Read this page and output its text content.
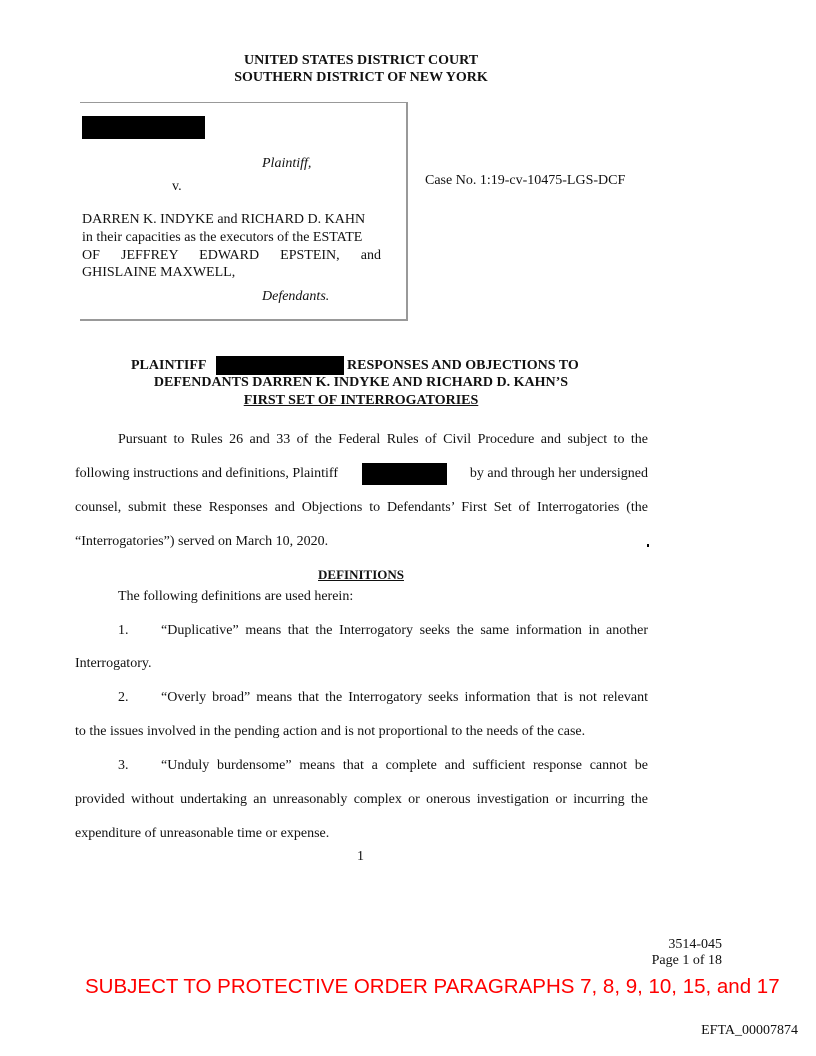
UNITED STATES DISTRICT COURT
SOUTHERN DISTRICT OF NEW YORK
Plaintiff,
v.
DARREN K. INDYKE and RICHARD D. KAHN
in their capacities as the executors of the ESTATE
OF JEFFREY EDWARD EPSTEIN, and
GHISLAINE MAXWELL,
Defendants.
Case No. 1:19-cv-10475-LGS-DCF
PLAINTIFF	RESPONSES AND OBJECTIONS TO
DEFENDANTS DARREN K. INDYKE AND RICHARD D. KAHN’S
FIRST SET OF INTERROGATORIES
Pursuant to Rules 26 and 33 of the Federal Rules of Civil Procedure and subject to the
following instructions and definitions, Plaintiff	by and through her undersigned
counsel, submit these Responses and Objections to Defendants’ First Set of Interrogatories (the
“Interrogatories”) served on March 10, 2020.
DEFINITIONS
The following definitions are used herein:
1. “Duplicative” means that the Interrogatory seeks the same information in another
Interrogatory.
2. “Overly broad” means that the Interrogatory seeks information that is not relevant
to the issues involved in the pending action and is not proportional to the needs of the case.
3. “Unduly burdensome” means that a complete and sufficient response cannot be
provided without undertaking an unreasonably complex or onerous investigation or incurring the
expenditure of unreasonable time or expense.
1
3514-045
Page 1 of 18
SUBJECT TO PROTECTIVE ORDER PARAGRAPHS 7, 8, 9, 10, 15, and 17
EFTA_00007874
